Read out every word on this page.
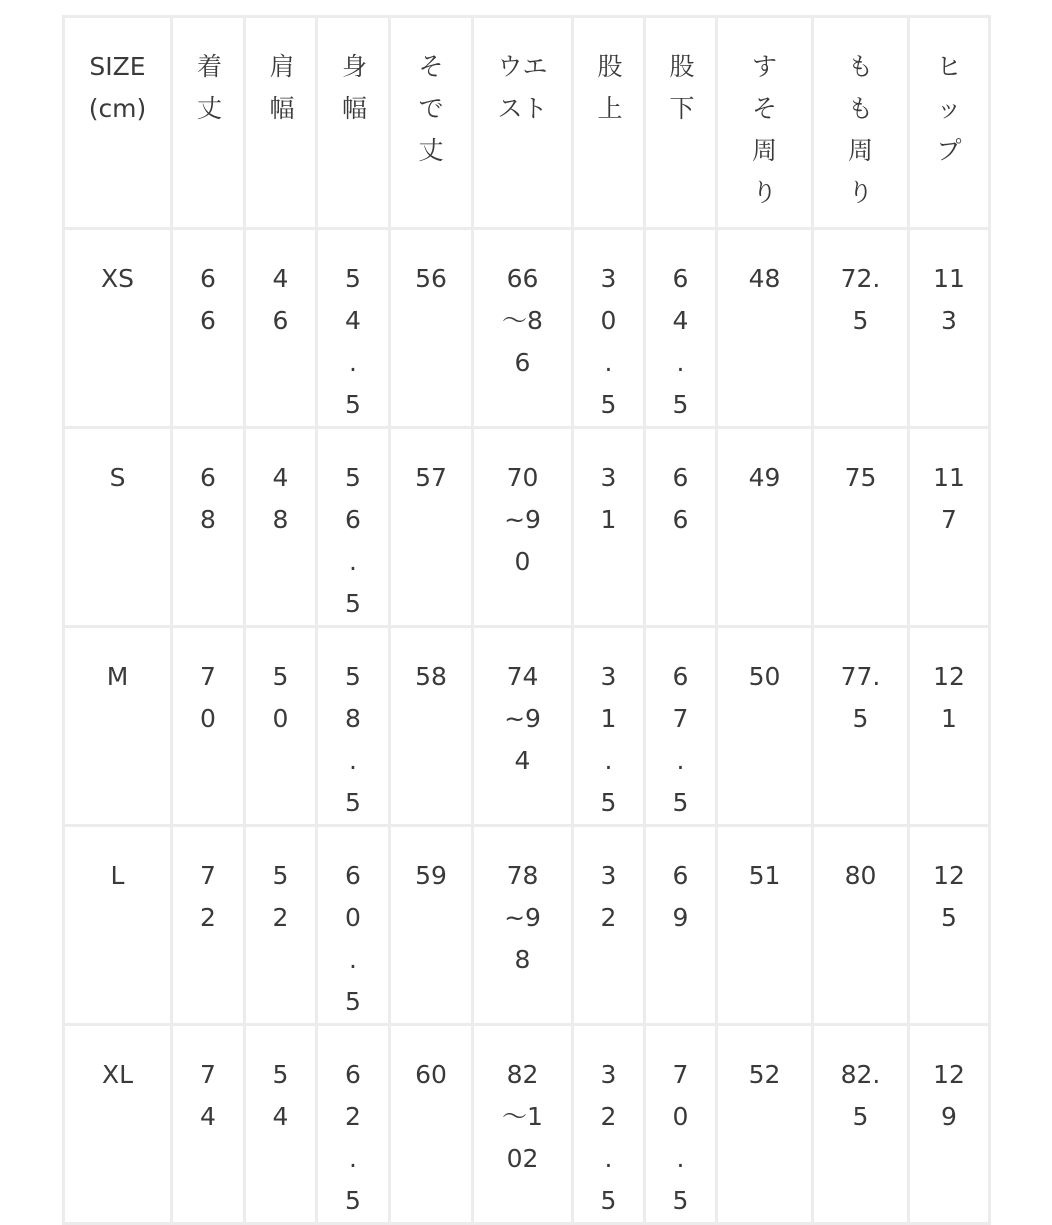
SIZE
(cm)	着丈	肩幅	身幅	そで丈	ウエスト	股上	股下	すそ周り	もも周り	ヒップ

XS	66	46	54.5	56	66～86	30.5	64.5	48	72.5	113

S	68	48	56.5	57	70~90	31	66	49	75	117

M	70	50	58.5	58	74~94	31.5	67.5	50	77.5	121

L	72	52	60.5	59	78~98	32	69	51	80	125

XL	74	54	62.5	60	82～102	32.5	70.5	52	82.5	129
